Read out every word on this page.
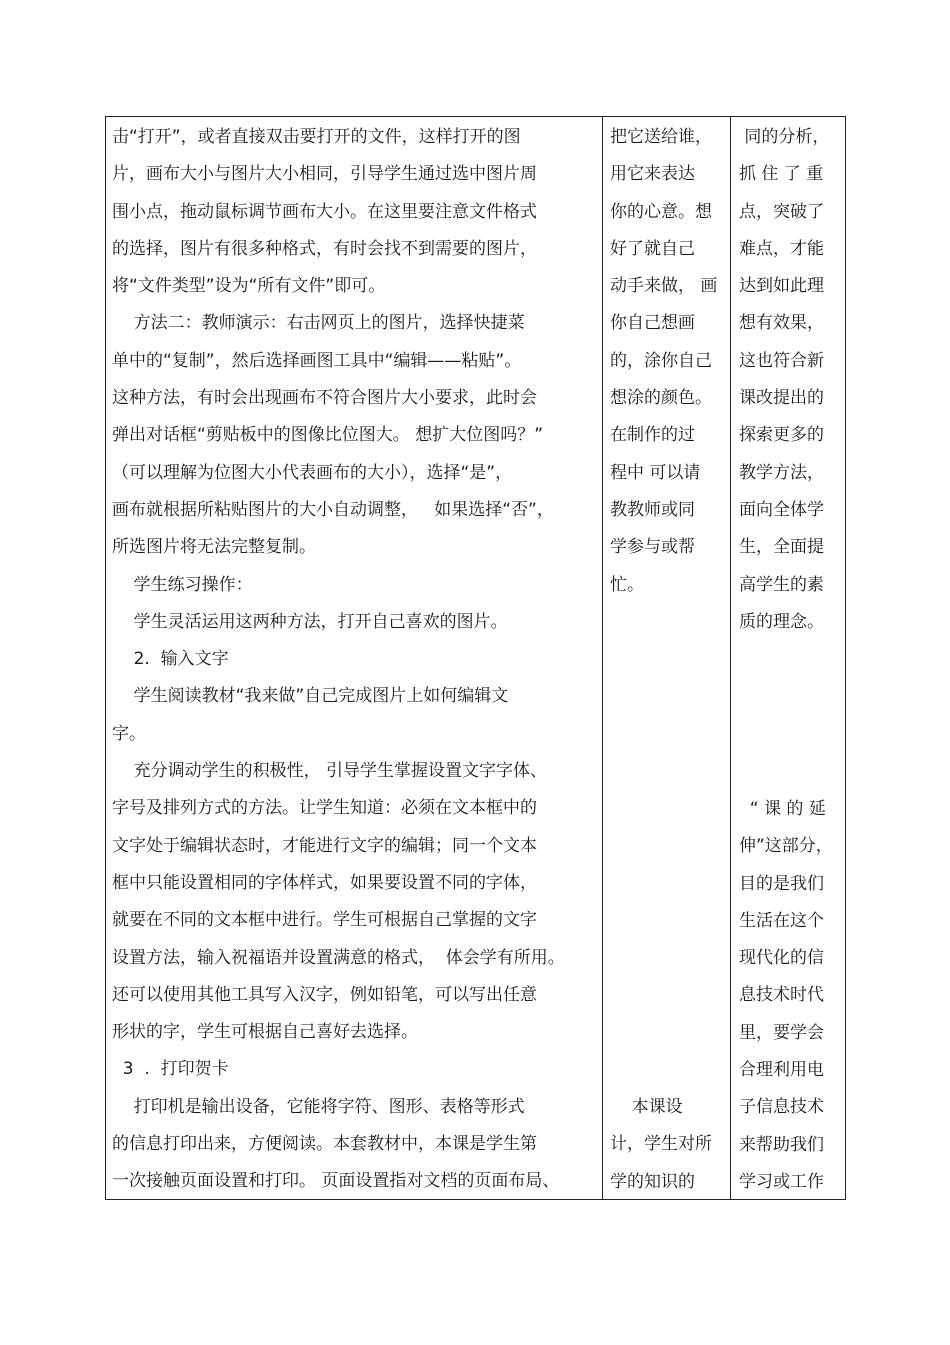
击“打开”，或者直接双击要打开的文件，这样打开的图
片，画布大小与图片大小相同，引导学生通过选中图片周
围小点，拖动鼠标调节画布大小。在这里要注意文件格式
的选择，图片有很多种格式，有时会找不到需要的图片，
将“文件类型”设为“所有文件”即可。
方法二：教师演示：右击网页上的图片，选择快捷菜
单中的“复制”，然后选择画图工具中“编辑——粘贴”。
这种方法，有时会出现画布不符合图片大小要求，此时会
弹出对话框“剪贴板中的图像比位图大。 想扩大位图吗？”
（可以理解为位图大小代表画布的大小），选择“是”，
画布就根据所粘贴图片的大小自动调整，   如果选择“否”，
所选图片将无法完整复制。
学生练习操作：
学生灵活运用这两种方法，打开自己喜欢的图片。
2.  输入文字
学生阅读教材“我来做”自己完成图片上如何编辑文
字。
充分调动学生的积极性， 引导学生掌握设置文字字体、
字号及排列方式的方法。让学生知道：必须在文本框中的
文字处于编辑状态时，才能进行文字的编辑；同一个文本
框中只能设置相同的字体样式，如果要设置不同的字体，
就要在不同的文本框中进行。学生可根据自己掌握的文字
设置方法，输入祝福语并设置满意的格式，  体会学有所用。
还可以使用其他工具写入汉字，例如铅笔，可以写出任意
形状的字，学生可根据自己喜好去选择。
3  .  打印贺卡
打印机是输出设备，它能将字符、图形、表格等形式
的信息打印出来，方便阅读。本套教材中，本课是学生第
一次接触页面设置和打印。 页面设置指对文档的页面布局、
把它送给谁，
用它来表达
你的心意。想
好了就自己
动手来做， 画
你自己想画
的，涂你自己
想涂的颜色。
在制作的过
程中 可以请
教教师或同
学参与或帮
忙。
本课设
计，学生对所
学的知识的
同的分析，
抓 住 了 重
点，突破了
难点，才能
达到如此理
想有效果，
这也符合新
课改提出的
探索更多的
教学方法，
面向全体学
生，全面提
高学生的素
质的理念。
“ 课 的 延
伸”这部分，
目的是我们
生活在这个
现代化的信
息技术时代
里，要学会
合理利用电
子信息技术
来帮助我们
学习或工作
